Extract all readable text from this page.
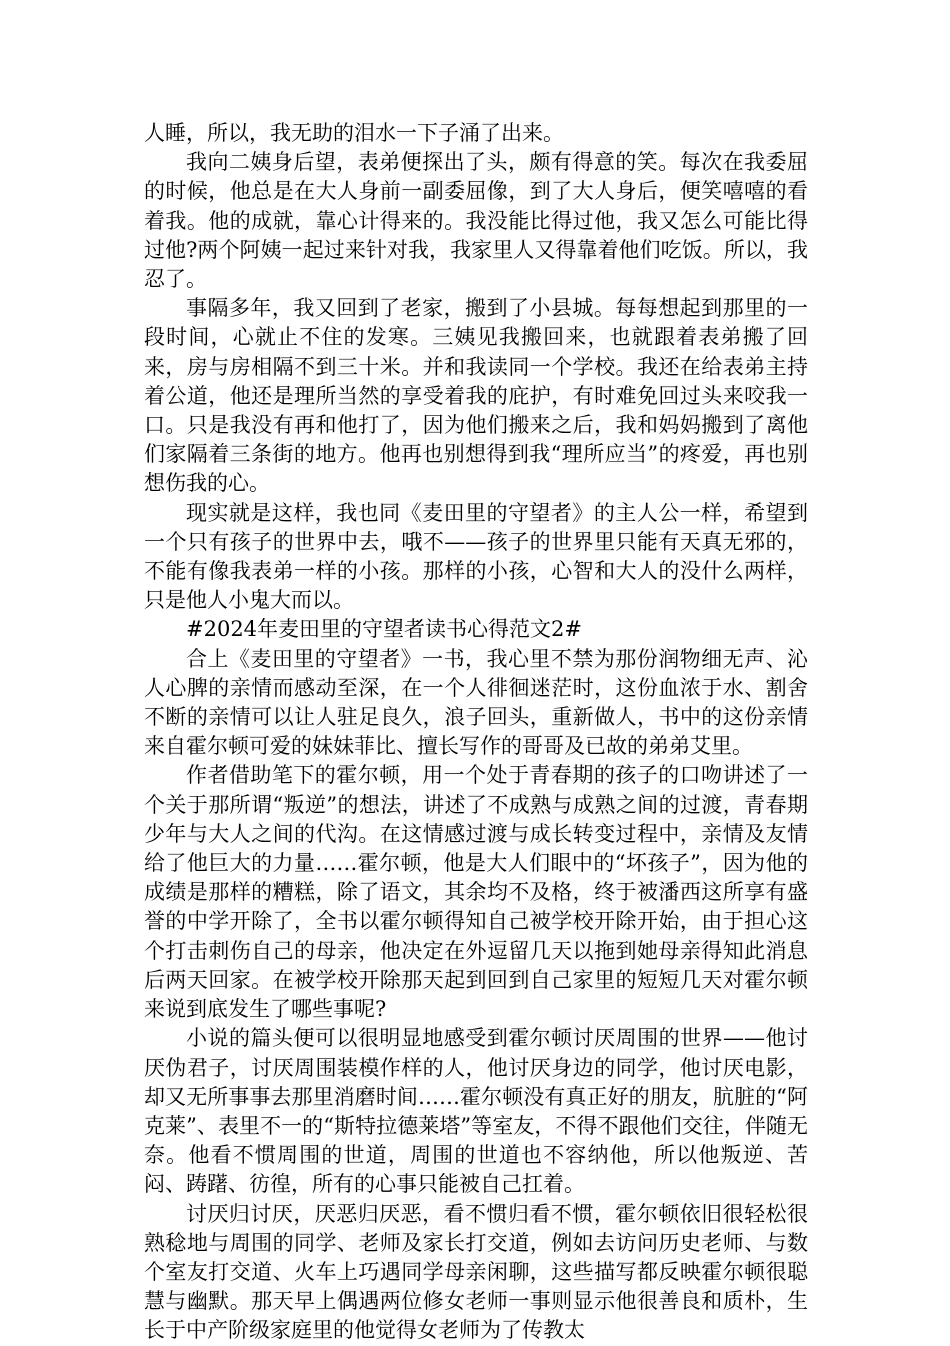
人睡，所以，我无助的泪水一下子涌了出来。

我向二姨身后望，表弟便探出了头，颇有得意的笑。每次在我委屈的时候，他总是在大人身前一副委屈像，到了大人身后，便笑嘻嘻的看着我。他的成就，靠心计得来的。我没能比得过他，我又怎么可能比得过他?两个阿姨一起过来针对我，我家里人又得靠着他们吃饭。所以，我忍了。

事隔多年，我又回到了老家，搬到了小县城。每每想起到那里的一段时间，心就止不住的发寒。三姨见我搬回来，也就跟着表弟搬了回来，房与房相隔不到三十米。并和我读同一个学校。我还在给表弟主持着公道，他还是理所当然的享受着我的庇护，有时难免回过头来咬我一口。只是我没有再和他打了，因为他们搬来之后，我和妈妈搬到了离他们家隔着三条街的地方。他再也别想得到我“理所应当”的疼爱，再也别想伤我的心。

现实就是这样，我也同《麦田里的守望者》的主人公一样，希望到一个只有孩子的世界中去，哦不——孩子的世界里只能有天真无邪的，不能有像我表弟一样的小孩。那样的小孩，心智和大人的没什么两样，只是他人小鬼大而以。

#2024年麦田里的守望者读书心得范文2#

合上《麦田里的守望者》一书，我心里不禁为那份润物细无声、沁人心脾的亲情而感动至深，在一个人徘徊迷茫时，这份血浓于水、割舍不断的亲情可以让人驻足良久，浪子回头，重新做人，书中的这份亲情来自霍尔顿可爱的妹妹菲比、擅长写作的哥哥及已故的弟弟艾里。

作者借助笔下的霍尔顿，用一个处于青春期的孩子的口吻讲述了一个关于那所谓“叛逆”的想法，讲述了不成熟与成熟之间的过渡，青春期少年与大人之间的代沟。在这情感过渡与成长转变过程中，亲情及友情给了他巨大的力量……霍尔顿，他是大人们眼中的“坏孩子”，因为他的成绩是那样的糟糕，除了语文，其余均不及格，终于被潘西这所享有盛誉的中学开除了，全书以霍尔顿得知自己被学校开除开始，由于担心这个打击刺伤自己的母亲，他决定在外逗留几天以拖到她母亲得知此消息后两天回家。在被学校开除那天起到回到自己家里的短短几天对霍尔顿来说到底发生了哪些事呢?

小说的篇头便可以很明显地感受到霍尔顿讨厌周围的世界——他讨厌伪君子，讨厌周围装模作样的人，他讨厌身边的同学，他讨厌电影，却又无所事事去那里消磨时间……霍尔顿没有真正好的朋友，肮脏的“阿克莱”、表里不一的“斯特拉德莱塔”等室友，不得不跟他们交往，伴随无奈。他看不惯周围的世道，周围的世道也不容纳他，所以他叛逆、苦闷、踌躇、彷徨，所有的心事只能被自己扛着。

讨厌归讨厌，厌恶归厌恶，看不惯归看不惯，霍尔顿依旧很轻松很熟稔地与周围的同学、老师及家长打交道，例如去访问历史老师、与数个室友打交道、火车上巧遇同学母亲闲聊，这些描写都反映霍尔顿很聪慧与幽默。那天早上偶遇两位修女老师一事则显示他很善良和质朴，生长于中产阶级家庭里的他觉得女老师为了传教太
